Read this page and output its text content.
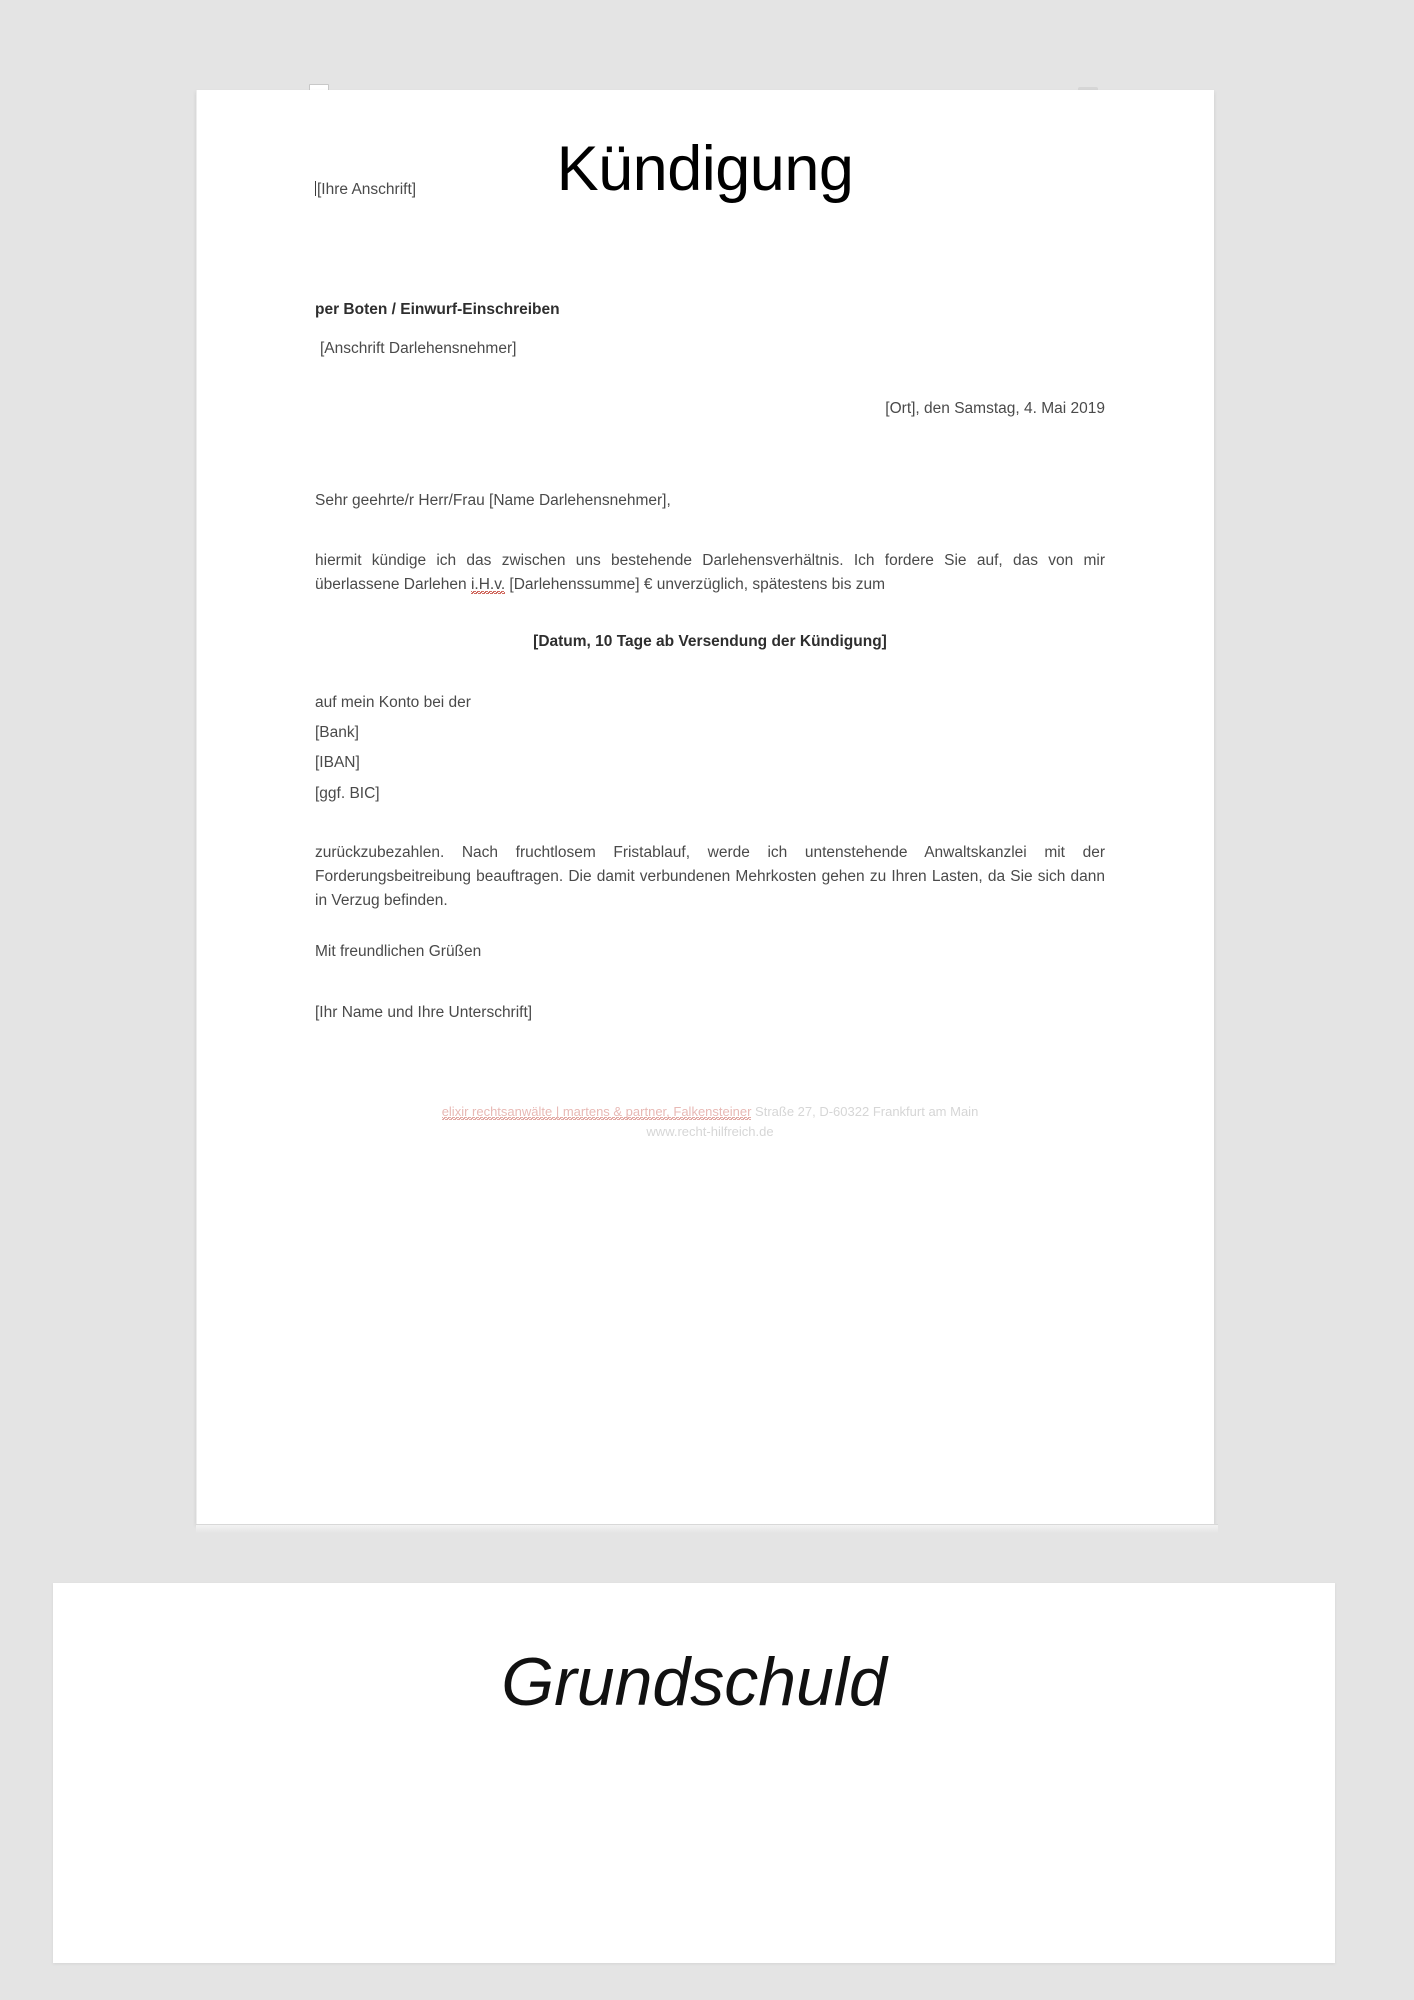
Kündigung
[Ihre Anschrift]
per Boten / Einwurf-Einschreiben
[Anschrift Darlehensnehmer]
[Ort], den Samstag, 4. Mai 2019
Sehr geehrte/r Herr/Frau [Name Darlehensnehmer],
hiermit kündige ich das zwischen uns bestehende Darlehensverhältnis. Ich fordere Sie auf, das von mir überlassene Darlehen i.H.v. [Darlehenssumme] € unverzüglich, spätestens bis zum
[Datum, 10 Tage ab Versendung der Kündigung]
auf mein Konto bei der
[Bank]
[IBAN]
[ggf. BIC]
zurückzubezahlen. Nach fruchtlosem Fristablauf, werde ich untenstehende Anwaltskanzlei mit der Forderungsbeitreibung beauftragen. Die damit verbundenen Mehrkosten gehen zu Ihren Lasten, da Sie sich dann in Verzug befinden.
Mit freundlichen Grüßen
[Ihr Name und Ihre Unterschrift]
elixir rechtsanwälte | martens & partner, Falkensteiner Straße 27, D-60322 Frankfurt am Main
www.recht-hilfreich.de
Grundschuld
